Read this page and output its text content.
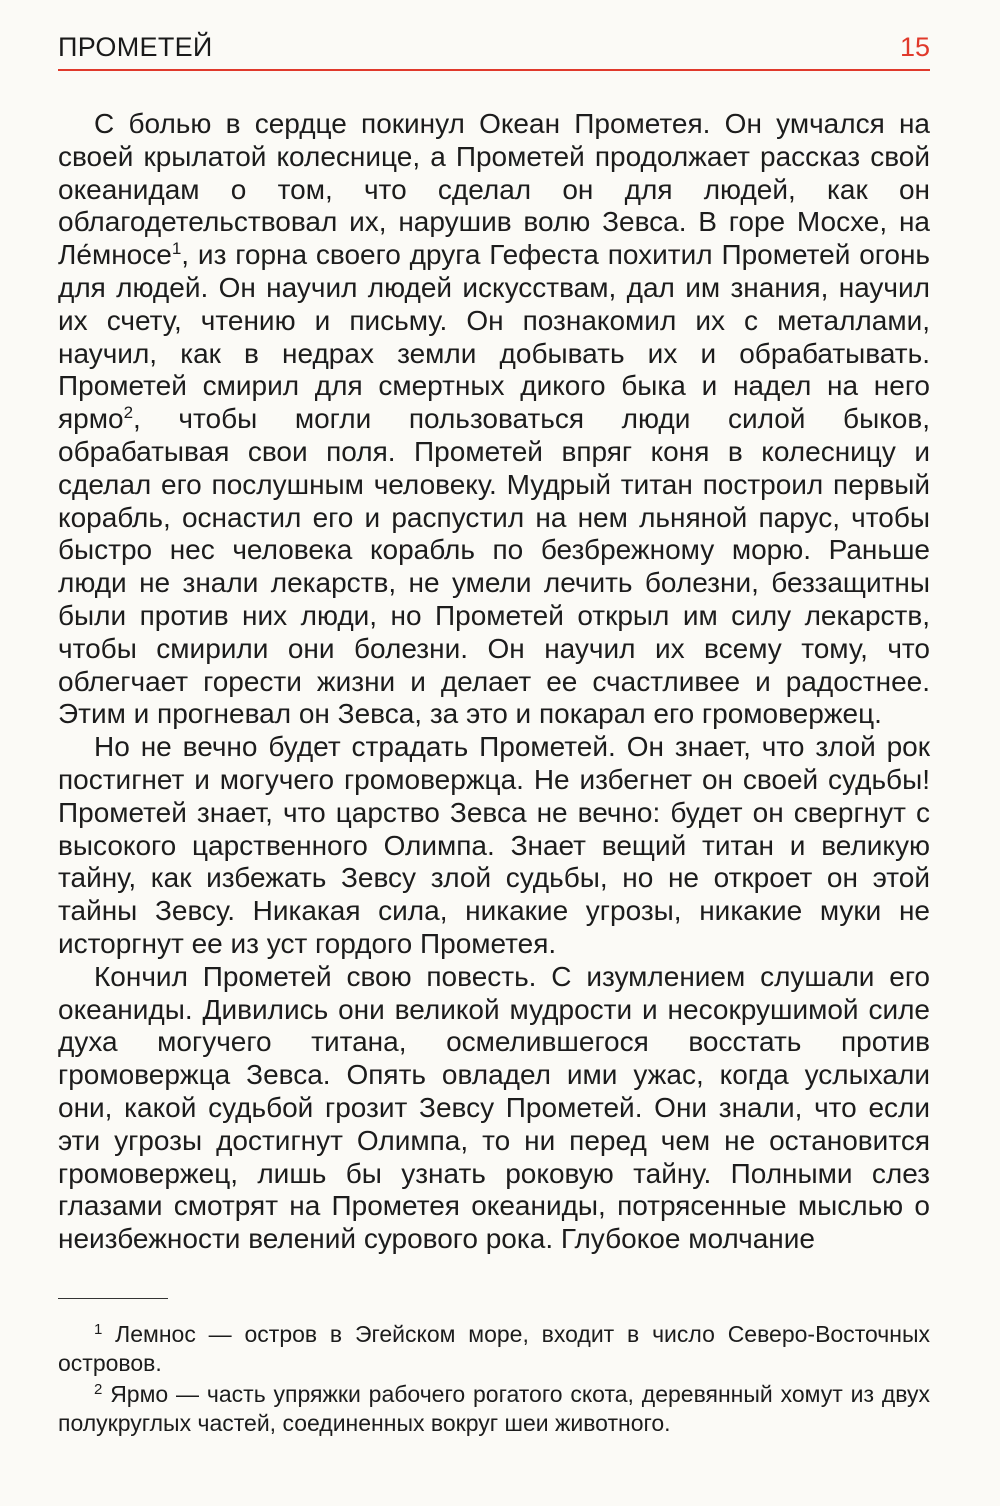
ПРОМЕТЕЙ	15

С болью в сердце покинул Океан Прометея. Он умчался на своей крылатой колеснице, а Прометей продолжает рассказ свой океанидам о том, что сделал он для людей, как он облагодетельствовал их, нарушив волю Зевса. В горе Мосхе, на Ле́мносе$^1$, из горна своего друга Гефеста похитил Прометей огонь для людей. Он научил людей искусствам, дал им знания, научил их счету, чтению и письму. Он познакомил их с металлами, научил, как в недрах земли добывать их и обрабатывать. Прометей смирил для смертных дикого быка и надел на него ярмо$^2$, чтобы могли пользоваться люди силой быков, обрабатывая свои поля. Прометей впряг коня в колесницу и сделал его послушным человеку. Мудрый титан построил первый корабль, оснастил его и распустил на нем льняной парус, чтобы быстро нес человека корабль по безбрежному морю. Раньше люди не знали лекарств, не умели лечить болезни, беззащитны были против них люди, но Прометей открыл им силу лекарств, чтобы смирили они болезни. Он научил их всему тому, что облегчает горести жизни и делает ее счастливее и радостнее. Этим и прогневал он Зевса, за это и покарал его громовержец.

Но не вечно будет страдать Прометей. Он знает, что злой рок постигнет и могучего громовержца. Не избегнет он своей судьбы! Прометей знает, что царство Зевса не вечно: будет он свергнут с высокого царственного Олимпа. Знает вещий титан и великую тайну, как избежать Зевсу злой судьбы, но не откроет он этой тайны Зевсу. Никакая сила, никакие угрозы, никакие муки не исторгнут ее из уст гордого Прометея.

Кончил Прометей свою повесть. С изумлением слушали его океаниды. Дивились они великой мудрости и несокрушимой силе духа могучего титана, осмелившегося восстать против громовержца Зевса. Опять овладел ими ужас, когда услыхали они, какой судьбой грозит Зевсу Прометей. Они знали, что если эти угрозы достигнут Олимпа, то ни перед чем не остановится громовержец, лишь бы узнать роковую тайну. Полными слез глазами смотрят на Прометея океаниды, потрясенные мыслью о неизбежности велений сурового рока. Глубокое молчание

$^1$ Лемнос — остров в Эгейском море, входит в число Северо-Восточных островов.

$^2$ Ярмо — часть упряжки рабочего рогатого скота, деревянный хомут из двух полукруглых частей, соединенных вокруг шеи животного.
